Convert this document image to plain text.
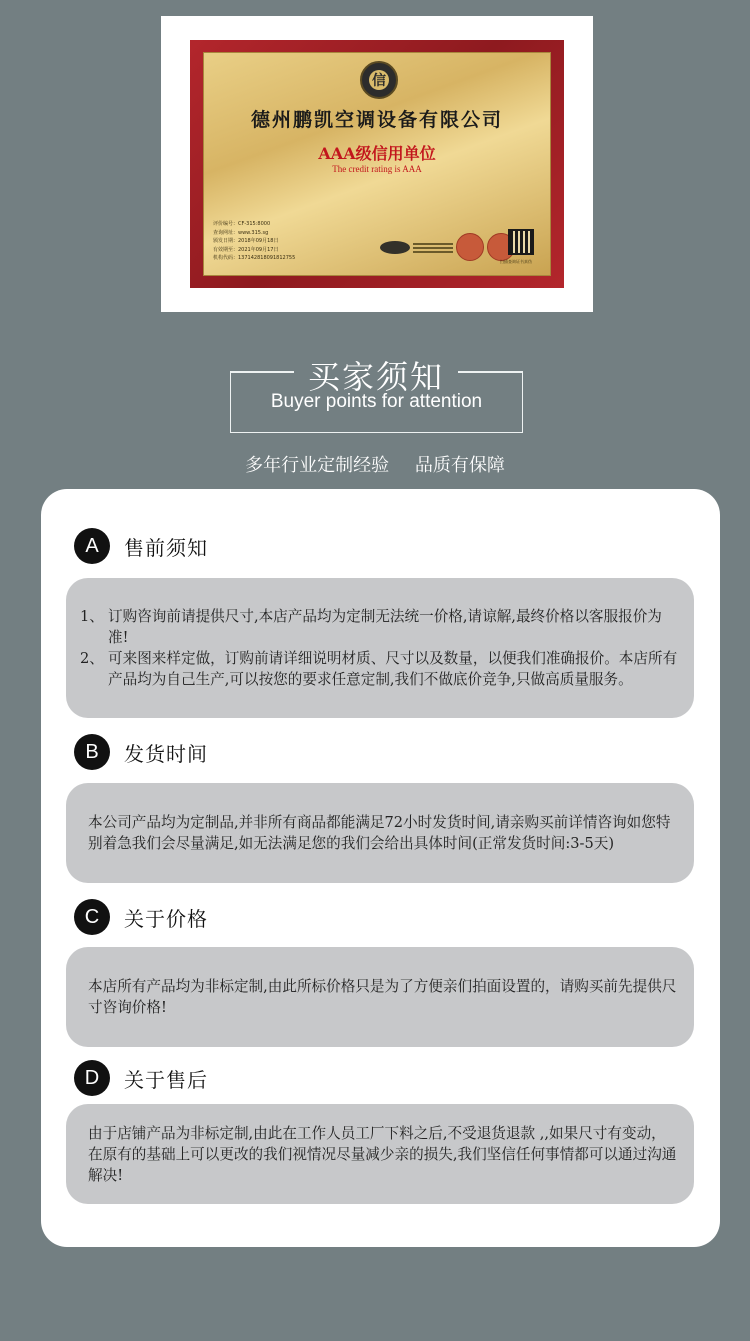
信
德州鹏凯空调设备有限公司
AAA级信用单位
The credit rating is AAA
评价编号：CF-315:8000
查询网址：www.315.sg
颁发日期：2018年09月18日
有效期至：2021年09月17日
机构代码：137142818091812755
扫描查询证书真伪
买家须知
Buyer points for attention
多年行业定制经验 品质有保障
A	售前须知
1、 订购咨询前请提供尺寸,本店产品均为定制无法统一价格,请谅解,最终价格以客服报价为准!
2、 可来图来样定做，订购前请详细说明材质、尺寸以及数量，以便我们准确报价。本店所有产品均为自己生产,可以按您的要求任意定制,我们不做底价竞争,只做高质量服务。
B	发货时间

本公司产品均为定制品,并非所有商品都能满足72小时发货时间,请亲购买前详情咨询如您特别着急我们会尽量满足,如无法满足您的我们会给出具体时间(正常发货时间:3-5天)

C	关于价格

本店所有产品均为非标定制,由此所标价格只是为了方便亲们拍面设置的，请购买前先提供尺寸咨询价格!

D	关于售后

由于店铺产品为非标定制,由此在工作人员工厂下料之后,不受退货退款 ,,如果尺寸有变动，在原有的基础上可以更改的我们视情况尽量减少亲的损失,我们坚信任何事情都可以通过沟通解决!
